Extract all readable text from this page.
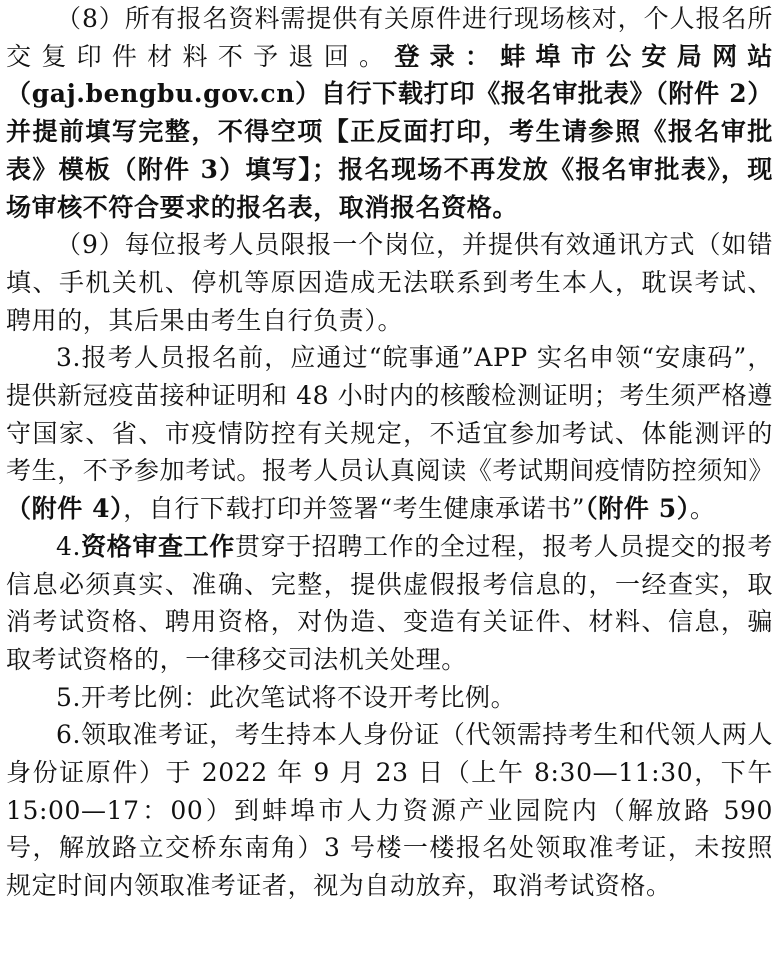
（8）所有报名资料需提供有关原件进行现场核对，个人报名所交复印件材料不予退回。登录：蚌埠市公安局网站（gaj.bengbu.gov.cn）自行下载打印《报名审批表》（附件 2）并提前填写完整，不得空项【正反面打印，考生请参照《报名审批表》模板（附件 3）填写】；报名现场不再发放《报名审批表》，现场审核不符合要求的报名表，取消报名资格。

（9）每位报考人员限报一个岗位，并提供有效通讯方式（如错填、手机关机、停机等原因造成无法联系到考生本人，耽误考试、聘用的，其后果由考生自行负责）。

3.报考人员报名前，应通过“皖事通”APP 实名申领“安康码”，提供新冠疫苗接种证明和 48 小时内的核酸检测证明；考生须严格遵守国家、省、市疫情防控有关规定，不适宜参加考试、体能测评的考生，不予参加考试。报考人员认真阅读《考试期间疫情防控须知》（附件 4），自行下载打印并签署“考生健康承诺书”（附件 5）。

4.资格审查工作贯穿于招聘工作的全过程，报考人员提交的报考信息必须真实、准确、完整，提供虚假报考信息的，一经查实，取消考试资格、聘用资格，对伪造、变造有关证件、材料、信息，骗取考试资格的，一律移交司法机关处理。

5.开考比例：此次笔试将不设开考比例。

6.领取准考证，考生持本人身份证（代领需持考生和代领人两人身份证原件）于 2022 年 9 月 23 日（上午 8:30—11:30，下午 15:00—17：00）到蚌埠市人力资源产业园院内（解放路 590 号，解放路立交桥东南角）3 号楼一楼报名处领取准考证，未按照规定时间内领取准考证者，视为自动放弃，取消考试资格。
